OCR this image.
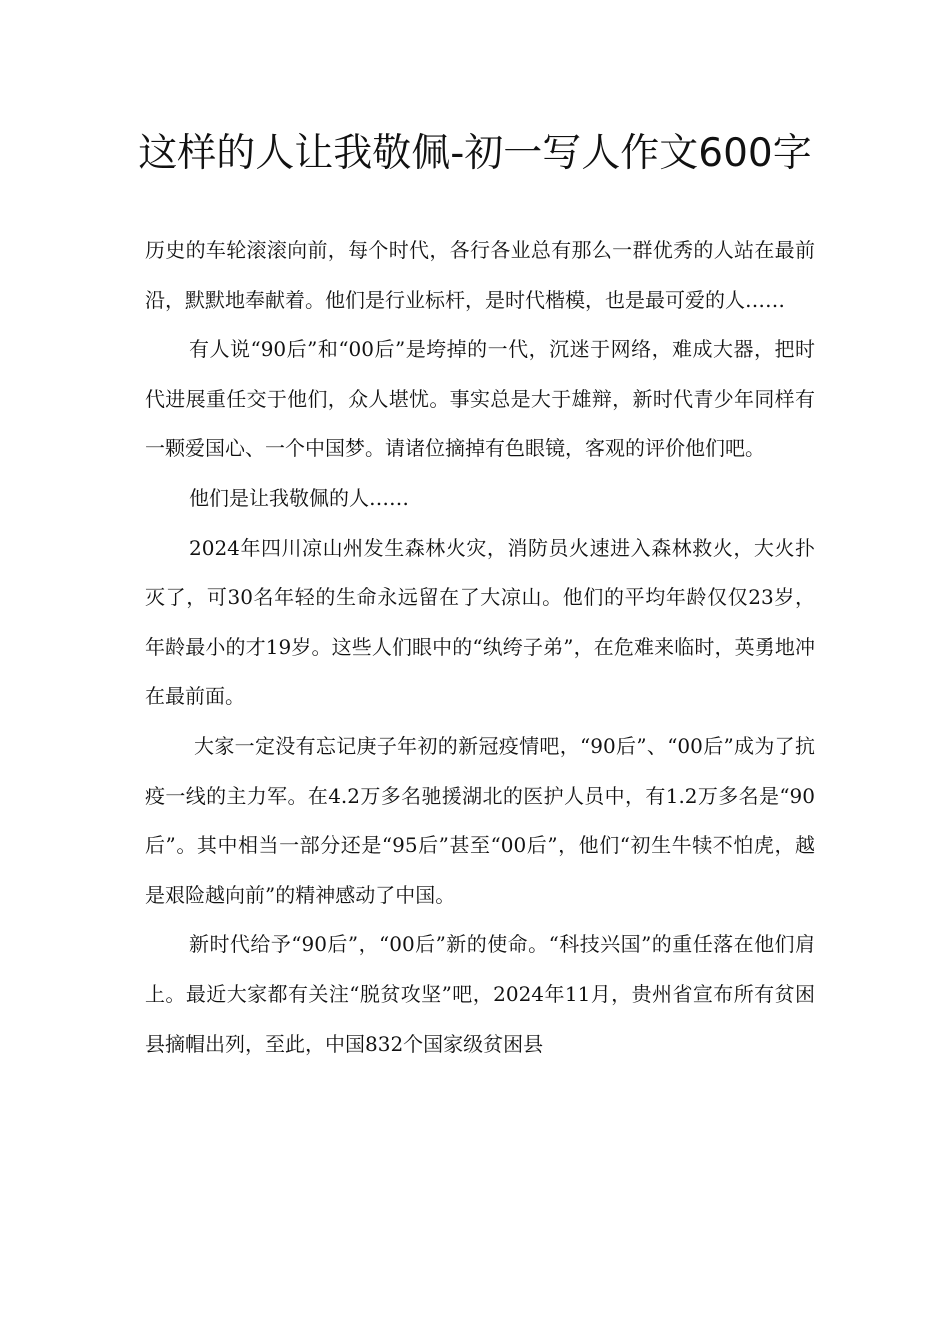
这样的人让我敬佩-初一写人作文600字

历史的车轮滚滚向前，每个时代，各行各业总有那么一群优秀的人站在最前沿，默默地奉献着。他们是行业标杆，是时代楷模，也是最可爱的人……

有人说“90后”和“00后”是垮掉的一代，沉迷于网络，难成大器，把时代进展重任交于他们，众人堪忧。事实总是大于雄辩，新时代青少年同样有一颗爱国心、一个中国梦。请诸位摘掉有色眼镜，客观的评价他们吧。

他们是让我敬佩的人……

2024年四川凉山州发生森林火灾，消防员火速进入森林救火，大火扑灭了，可30名年轻的生命永远留在了大凉山。他们的平均年龄仅仅23岁，年龄最小的才19岁。这些人们眼中的“纨绔子弟”，在危难来临时，英勇地冲在最前面。

大家一定没有忘记庚子年初的新冠疫情吧，“90后”、“00后”成为了抗疫一线的主力军。在4.2万多名驰援湖北的医护人员中，有1.2万多名是“90后”。其中相当一部分还是“95后”甚至“00后”，他们“初生牛犊不怕虎，越是艰险越向前”的精神感动了中国。

新时代给予“90后”，“00后”新的使命。“科技兴国”的重任落在他们肩上。最近大家都有关注“脱贫攻坚”吧，2024年11月，贵州省宣布所有贫困县摘帽出列，至此，中国832个国家级贫困县
